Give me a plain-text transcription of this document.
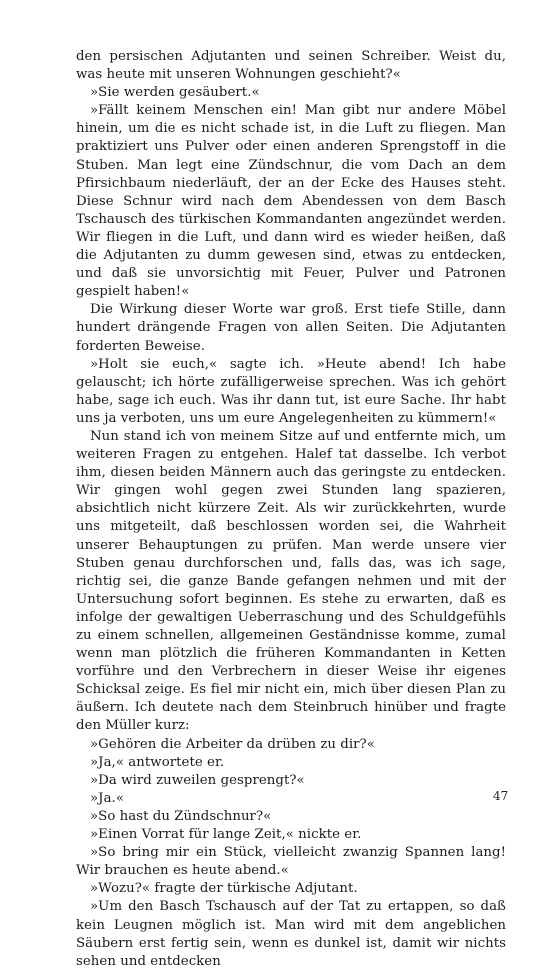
den persischen Adjutanten und seinen Schreiber. Weist du, was heute mit unseren Wohnungen geschieht?«

»Sie werden gesäubert.«

»Fällt keinem Menschen ein! Man gibt nur andere Möbel hinein, um die es nicht schade ist, in die Luft zu fliegen. Man praktiziert uns Pulver oder einen anderen Sprengstoff in die Stuben. Man legt eine Zündschnur, die vom Dach an dem Pfirsichbaum niederläuft, der an der Ecke des Hauses steht. Diese Schnur wird nach dem Abendessen von dem Basch Tschausch des türkischen Kommandanten angezündet werden. Wir fliegen in die Luft, und dann wird es wieder heißen, daß die Adjutanten zu dumm gewesen sind, etwas zu entdecken, und daß sie unvorsichtig mit Feuer, Pulver und Patronen gespielt haben!«

Die Wirkung dieser Worte war groß. Erst tiefe Stille, dann hundert drängende Fragen von allen Seiten. Die Adjutanten forderten Beweise.

»Holt sie euch,« sagte ich. »Heute abend! Ich habe gelauscht; ich hörte zufälligerweise sprechen. Was ich gehört habe, sage ich euch. Was ihr dann tut, ist eure Sache. Ihr habt uns ja verboten, uns um eure Angelegenheiten zu kümmern!«

Nun stand ich von meinem Sitze auf und entfernte mich, um weiteren Fragen zu entgehen. Halef tat dasselbe. Ich verbot ihm, diesen beiden Männern auch das geringste zu entdecken. Wir gingen wohl gegen zwei Stunden lang spazieren, absichtlich nicht kürzere Zeit. Als wir zurückkehrten, wurde uns mitgeteilt, daß beschlossen worden sei, die Wahrheit unserer Behauptungen zu prüfen. Man werde unsere vier Stuben genau durchforschen und, falls das, was ich sage, richtig sei, die ganze Bande gefangen nehmen und mit der Untersuchung sofort beginnen. Es stehe zu erwarten, daß es infolge der gewaltigen Ueberraschung und des Schuldgefühls zu einem schnellen, allgemeinen Geständnisse komme, zumal wenn man plötzlich die früheren Kommandanten in Ketten vorführe und den Verbrechern in dieser Weise ihr eigenes Schicksal zeige. Es fiel mir nicht ein, mich über diesen Plan zu äußern. Ich deutete nach dem Steinbruch hinüber und fragte den Müller kurz:

»Gehören die Arbeiter da drüben zu dir?«

»Ja,« antwortete er.

»Da wird zuweilen gesprengt?«

»Ja.«

»So hast du Zündschnur?«

»Einen Vorrat für lange Zeit,« nickte er.

»So bring mir ein Stück, vielleicht zwanzig Spannen lang! Wir brauchen es heute abend.«

»Wozu?« fragte der türkische Adjutant.

»Um den Basch Tschausch auf der Tat zu ertappen, so daß kein Leugnen möglich ist. Man wird mit dem angeblichen Säubern erst fertig sein, wenn es dunkel ist, damit wir nichts sehen und entdecken

47
